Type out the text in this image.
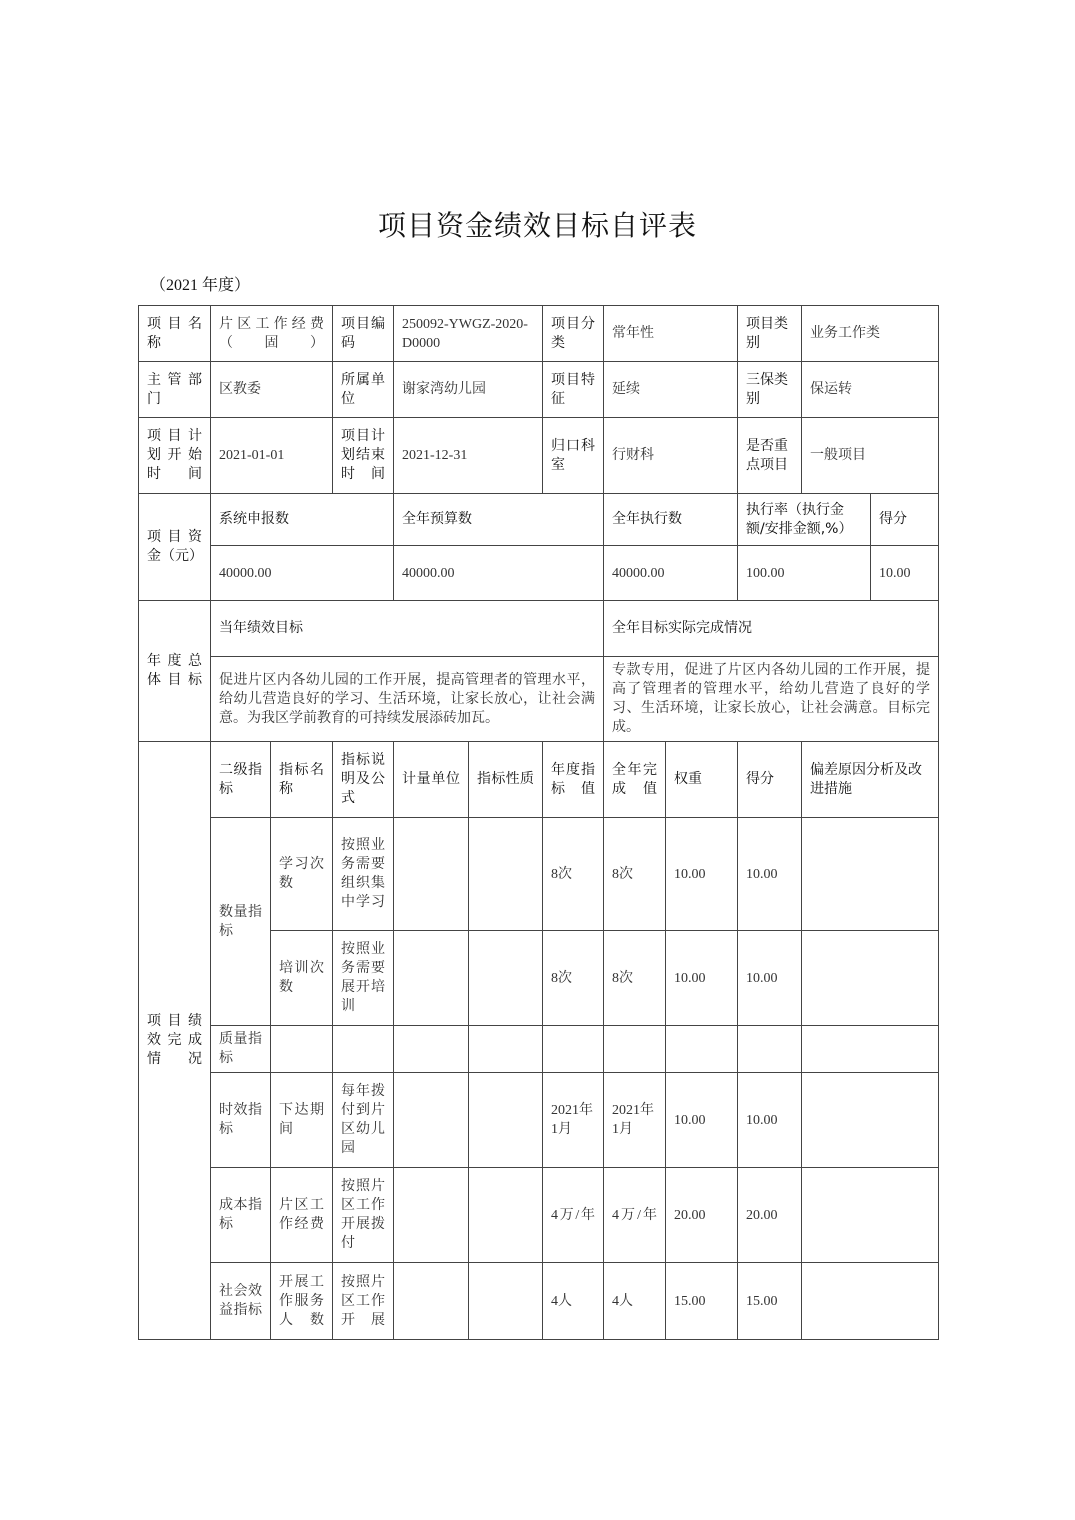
项目资金绩效目标自评表
（2021 年度）
项目名称	片区工作经费（固）		项目编码	250092-YWGZ-2020-D0000		项目分类	常年性		项目类别	业务工作类	
主管部门	区教委		所属单位	谢家湾幼儿园		项目特征	延续		三保类别	保运转	
项目计划开始时间	2021-01-01		项目计划结束时间	2021-12-31		归口科室	行财科		是否重点项目	一般项目	
项目资金（元）	系统申报数			全年预算数			全年执行数		执行率（执行金额/安排金额,%）		得分
	40000.00			40000.00			40000.00		100.00		10.00
年度总体目标	当年绩效目标						全年目标实际完成情况				
	促进片区内各幼儿园的工作开展，提高管理者的管理水平，给幼儿营造良好的学习、生活环境，让家长放心，让社会满意。为我区学前教育的可持续发展添砖加瓦。						专款专用，促进了片区内各幼儿园的工作开展，提高了管理者的管理水平，给幼儿营造了良好的学习、生活环境，让家长放心，让社会满意。目标完成。				
项目绩效完成情况	二级指标	指标名称	指标说明及公式	计量单位	指标性质	年度指标值	全年完成值	权重	得分	偏差原因分析及改进措施	
	数量指标	学习次数	按照业务需要组织集中学习			8次	8次	10.00	10.00		
		培训次数	按照业务需要展开培训			8次	8次	10.00	10.00		
	质量指标										
	时效指标	下达期间	每年拨付到片区幼儿园			2021年1月	2021年1月	10.00	10.00		
	成本指标	片区工作经费	按照片区工作开展拨付			4万/年	4万/年	20.00	20.00		
	社会效益指标	开展工作服务人数	按照片区工作开展			4人	4人	15.00	15.00		
